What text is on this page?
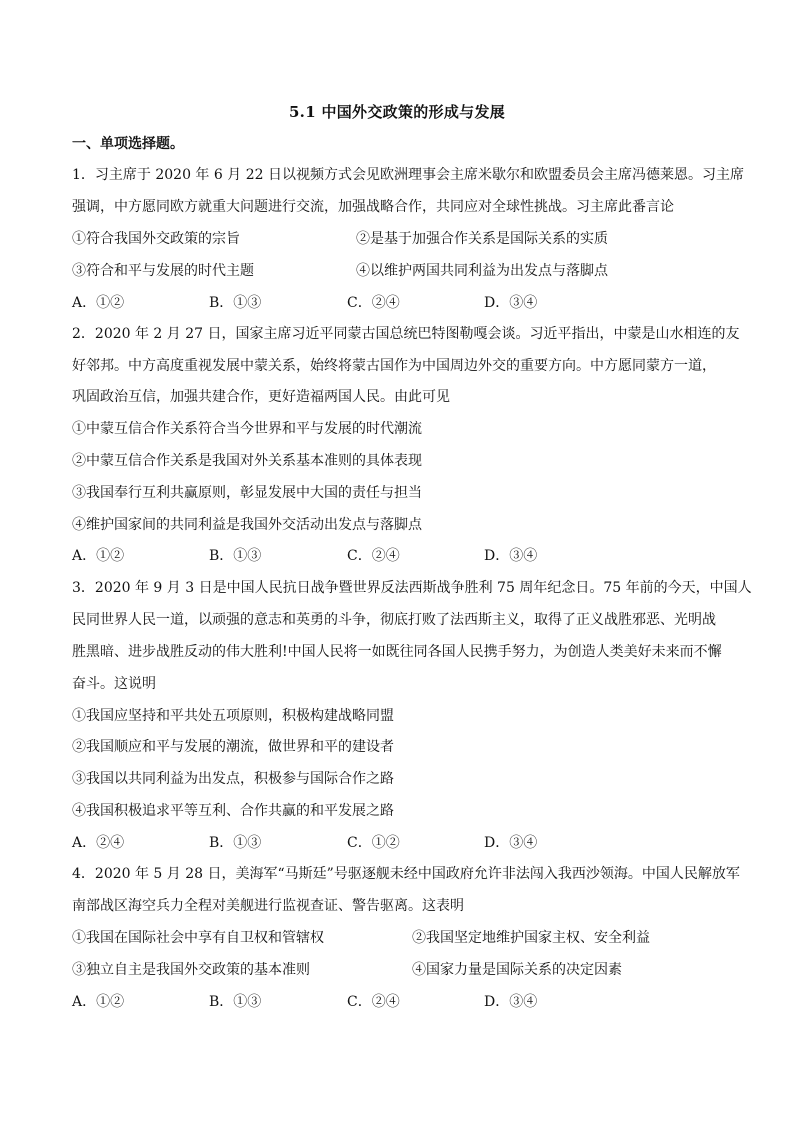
5.1 中国外交政策的形成与发展
一、单项选择题。
1．习主席于 2020 年 6 月 22 日以视频方式会见欧洲理事会主席米歇尔和欧盟委员会主席冯德莱恩。习主席
强调，中方愿同欧方就重大问题进行交流，加强战略合作，共同应对全球性挑战。习主席此番言论
①符合我国外交政策的宗旨	②是基于加强合作关系是国际关系的实质
③符合和平与发展的时代主题	④以维护两国共同利益为出发点与落脚点
A．①②	B．①③	C．②④	D．③④
2．2020 年 2 月 27 日，国家主席习近平同蒙古国总统巴特图勒嘎会谈。习近平指出，中蒙是山水相连的友
好邻邦。中方高度重视发展中蒙关系，始终将蒙古国作为中国周边外交的重要方向。中方愿同蒙方一道，
巩固政治互信，加强共建合作，更好造福两国人民。由此可见
①中蒙互信合作关系符合当今世界和平与发展的时代潮流
②中蒙互信合作关系是我国对外关系基本准则的具体表现
③我国奉行互利共赢原则，彰显发展中大国的责任与担当
④维护国家间的共同利益是我国外交活动出发点与落脚点
A．①②	B．①③	C．②④	D．③④
3．2020 年 9 月 3 日是中国人民抗日战争暨世界反法西斯战争胜利 75 周年纪念日。75 年前的今天，中国人
民同世界人民一道，以顽强的意志和英勇的斗争，彻底打败了法西斯主义，取得了正义战胜邪恶、光明战
胜黑暗、进步战胜反动的伟大胜利!中国人民将一如既往同各国人民携手努力，为创造人类美好未来而不懈
奋斗。这说明
①我国应坚持和平共处五项原则，积极构建战略同盟
②我国顺应和平与发展的潮流，做世界和平的建设者
③我国以共同利益为出发点，积极参与国际合作之路
④我国积极追求平等互利、合作共赢的和平发展之路
A．②④	B．①③	C．①②	D．③④
4．2020 年 5 月 28 日，美海军“马斯廷”号驱逐舰未经中国政府允许非法闯入我西沙领海。中国人民解放军
南部战区海空兵力全程对美舰进行监视查证、警告驱离。这表明
①我国在国际社会中享有自卫权和管辖权	②我国坚定地维护国家主权、安全利益
③独立自主是我国外交政策的基本准则	④国家力量是国际关系的决定因素
A．①②	B．①③	C．②④	D．③④
